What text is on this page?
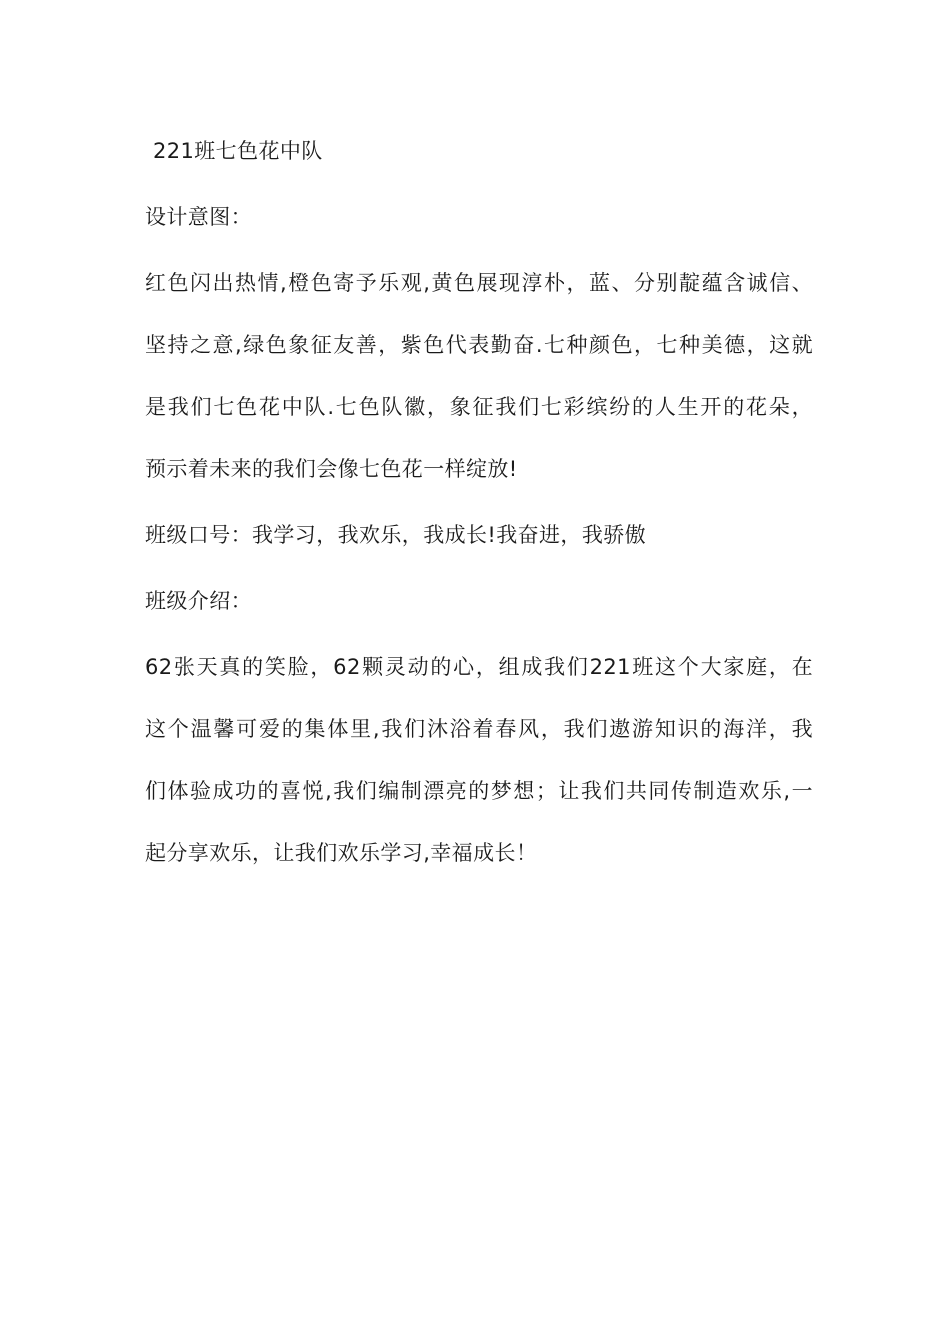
221班七色花中队
设计意图：
红色闪出热情,橙色寄予乐观,黄色展现淳朴，蓝、分别靛蕴含诚信、
坚持之意,绿色象征友善，紫色代表勤奋.七种颜色，七种美德，这就
是我们七色花中队.七色队徽，象征我们七彩缤纷的人生开的花朵，
预示着未来的我们会像七色花一样绽放!
班级口号：我学习，我欢乐，我成长!我奋进，我骄傲
班级介绍：
62张天真的笑脸，62颗灵动的心，组成我们221班这个大家庭，在
这个温馨可爱的集体里,我们沐浴着春风，我们遨游知识的海洋，我
们体验成功的喜悦,我们编制漂亮的梦想；让我们共同传制造欢乐,一
起分享欢乐，让我们欢乐学习,幸福成长！
